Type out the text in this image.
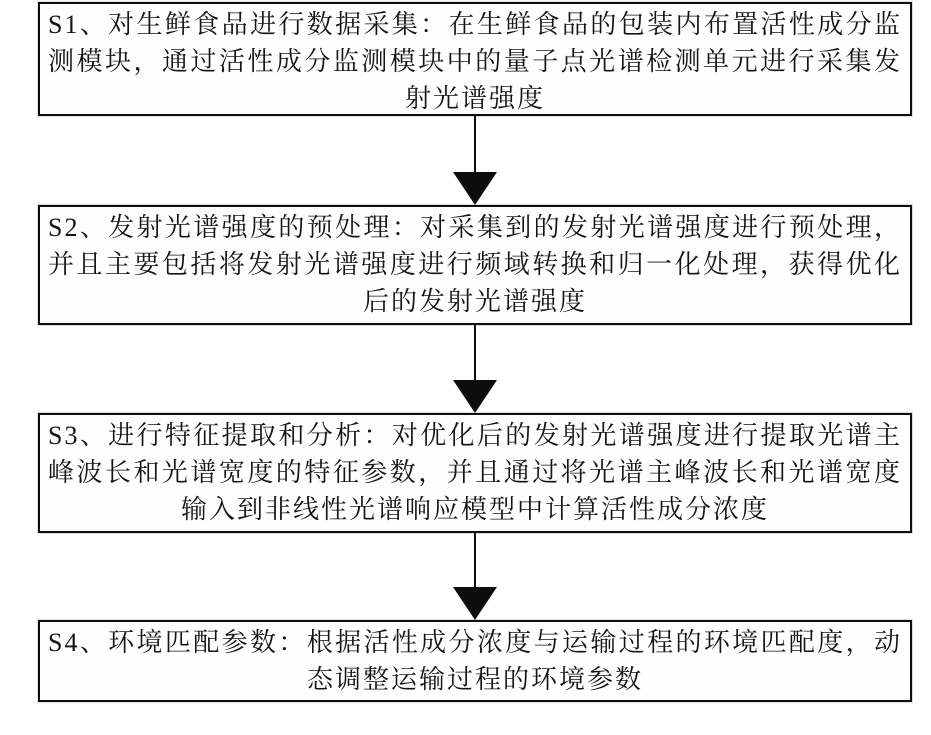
S1、对生鲜食品进行数据采集：在生鲜食品的包装内布置活性成分监测模块，通过活性成分监测模块中的量子点光谱检测单元进行采集发射光谱强度
S2、发射光谱强度的预处理：对采集到的发射光谱强度进行预处理，并且主要包括将发射光谱强度进行频域转换和归一化处理，获得优化后的发射光谱强度
S3、进行特征提取和分析：对优化后的发射光谱强度进行提取光谱主峰波长和光谱宽度的特征参数，并且通过将光谱主峰波长和光谱宽度输入到非线性光谱响应模型中计算活性成分浓度
S4、环境匹配参数：根据活性成分浓度与运输过程的环境匹配度，动态调整运输过程的环境参数
